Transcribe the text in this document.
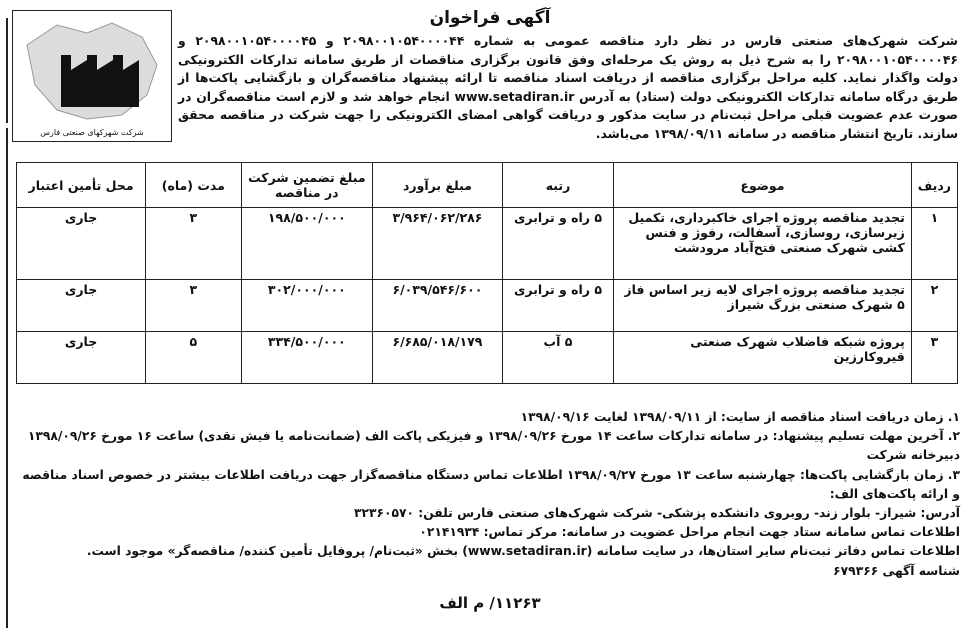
شرکت شهرکهای صنعتی فارس
آگهی فراخوان
شرکت شهرک‌های صنعتی فارس در نظر دارد مناقصه عمومی به شماره ۲۰۹۸۰۰۱۰۵۴۰۰۰۰۴۴ و ۲۰۹۸۰۰۱۰۵۴۰۰۰۰۴۵ و ۲۰۹۸۰۰۱۰۵۴۰۰۰۰۴۶ را به شرح ذیل به روش یک مرحله‌ای وفق قانون برگزاری مناقصات از طریق سامانه تدارکات الکترونیکی دولت واگذار نماید. کلیه مراحل برگزاری مناقصه از دریافت اسناد مناقصه تا ارائه پیشنهاد مناقصه‌گران و بازگشایی پاکت‌ها از طریق درگاه سامانه تدارکات الکترونیکی دولت (ستاد) به آدرس www.setadiran.ir انجام خواهد شد و لازم است مناقصه‌گران در صورت عدم عضویت قبلی مراحل ثبت‌نام در سایت مذکور و دریافت گواهی امضای الکترونیکی را جهت شرکت در مناقصه محقق سازند. تاریخ انتشار مناقصه در سامانه ۱۳۹۸/۰۹/۱۱ می‌باشد.
ردیف	موضوع	رتبه	مبلغ برآورد	مبلغ تضمین شرکت در مناقصه	مدت (ماه)	محل تأمین اعتبار
۱	تجدید مناقصه پروژه اجرای خاکبرداری، تکمیل زیرسازی، روسازی، آسفالت، رفوژ و فنس کشی شهرک صنعتی فتح‌آباد مرودشت	۵ راه و ترابری	۳/۹۶۴/۰۶۲/۲۸۶	۱۹۸/۵۰۰/۰۰۰	۳	جاری
۲	تجدید مناقصه پروژه اجرای لایه زیر اساس فاز ۵ شهرک صنعتی بزرگ شیراز	۵ راه و ترابری	۶/۰۳۹/۵۴۶/۶۰۰	۳۰۲/۰۰۰/۰۰۰	۳	جاری
۳	پروژه شبکه فاضلاب شهرک صنعتی قیروکارزین	۵ آب	۶/۶۸۵/۰۱۸/۱۷۹	۳۳۴/۵۰۰/۰۰۰	۵	جاری

۱. زمان دریافت اسناد مناقصه از سایت: از ۱۳۹۸/۰۹/۱۱ لغایت ۱۳۹۸/۰۹/۱۶

۲. آخرین مهلت تسلیم پیشنهاد: در سامانه تدارکات ساعت ۱۴ مورخ ۱۳۹۸/۰۹/۲۶ و فیزیکی پاکت الف (ضمانت‌نامه یا فیش نقدی) ساعت ۱۶ مورخ ۱۳۹۸/۰۹/۲۶ دبیرخانه شرکت

۳. زمان بازگشایی پاکت‌ها: چهارشنبه ساعت ۱۳ مورخ ۱۳۹۸/۰۹/۲۷ اطلاعات تماس دستگاه مناقصه‌گزار جهت دریافت اطلاعات بیشتر در خصوص اسناد مناقصه و ارائه پاکت‌های الف:

آدرس: شیراز- بلوار زند- روبروی دانشکده پزشکی- شرکت شهرک‌های صنعتی فارس تلفن: ۳۲۳۶۰۵۷۰

اطلاعات تماس سامانه ستاد جهت انجام مراحل عضویت در سامانه: مرکز تماس: ۰۲۱۴۱۹۳۴

اطلاعات تماس دفاتر ثبت‌نام سایر استان‌ها، در سایت سامانه (www.setadiran.ir) بخش «ثبت‌نام/ پروفایل تأمین کننده/ مناقصه‌گر» موجود است.

شناسه آگهی ۶۷۹۳۶۶

۱۱۲۶۳/ م الف
